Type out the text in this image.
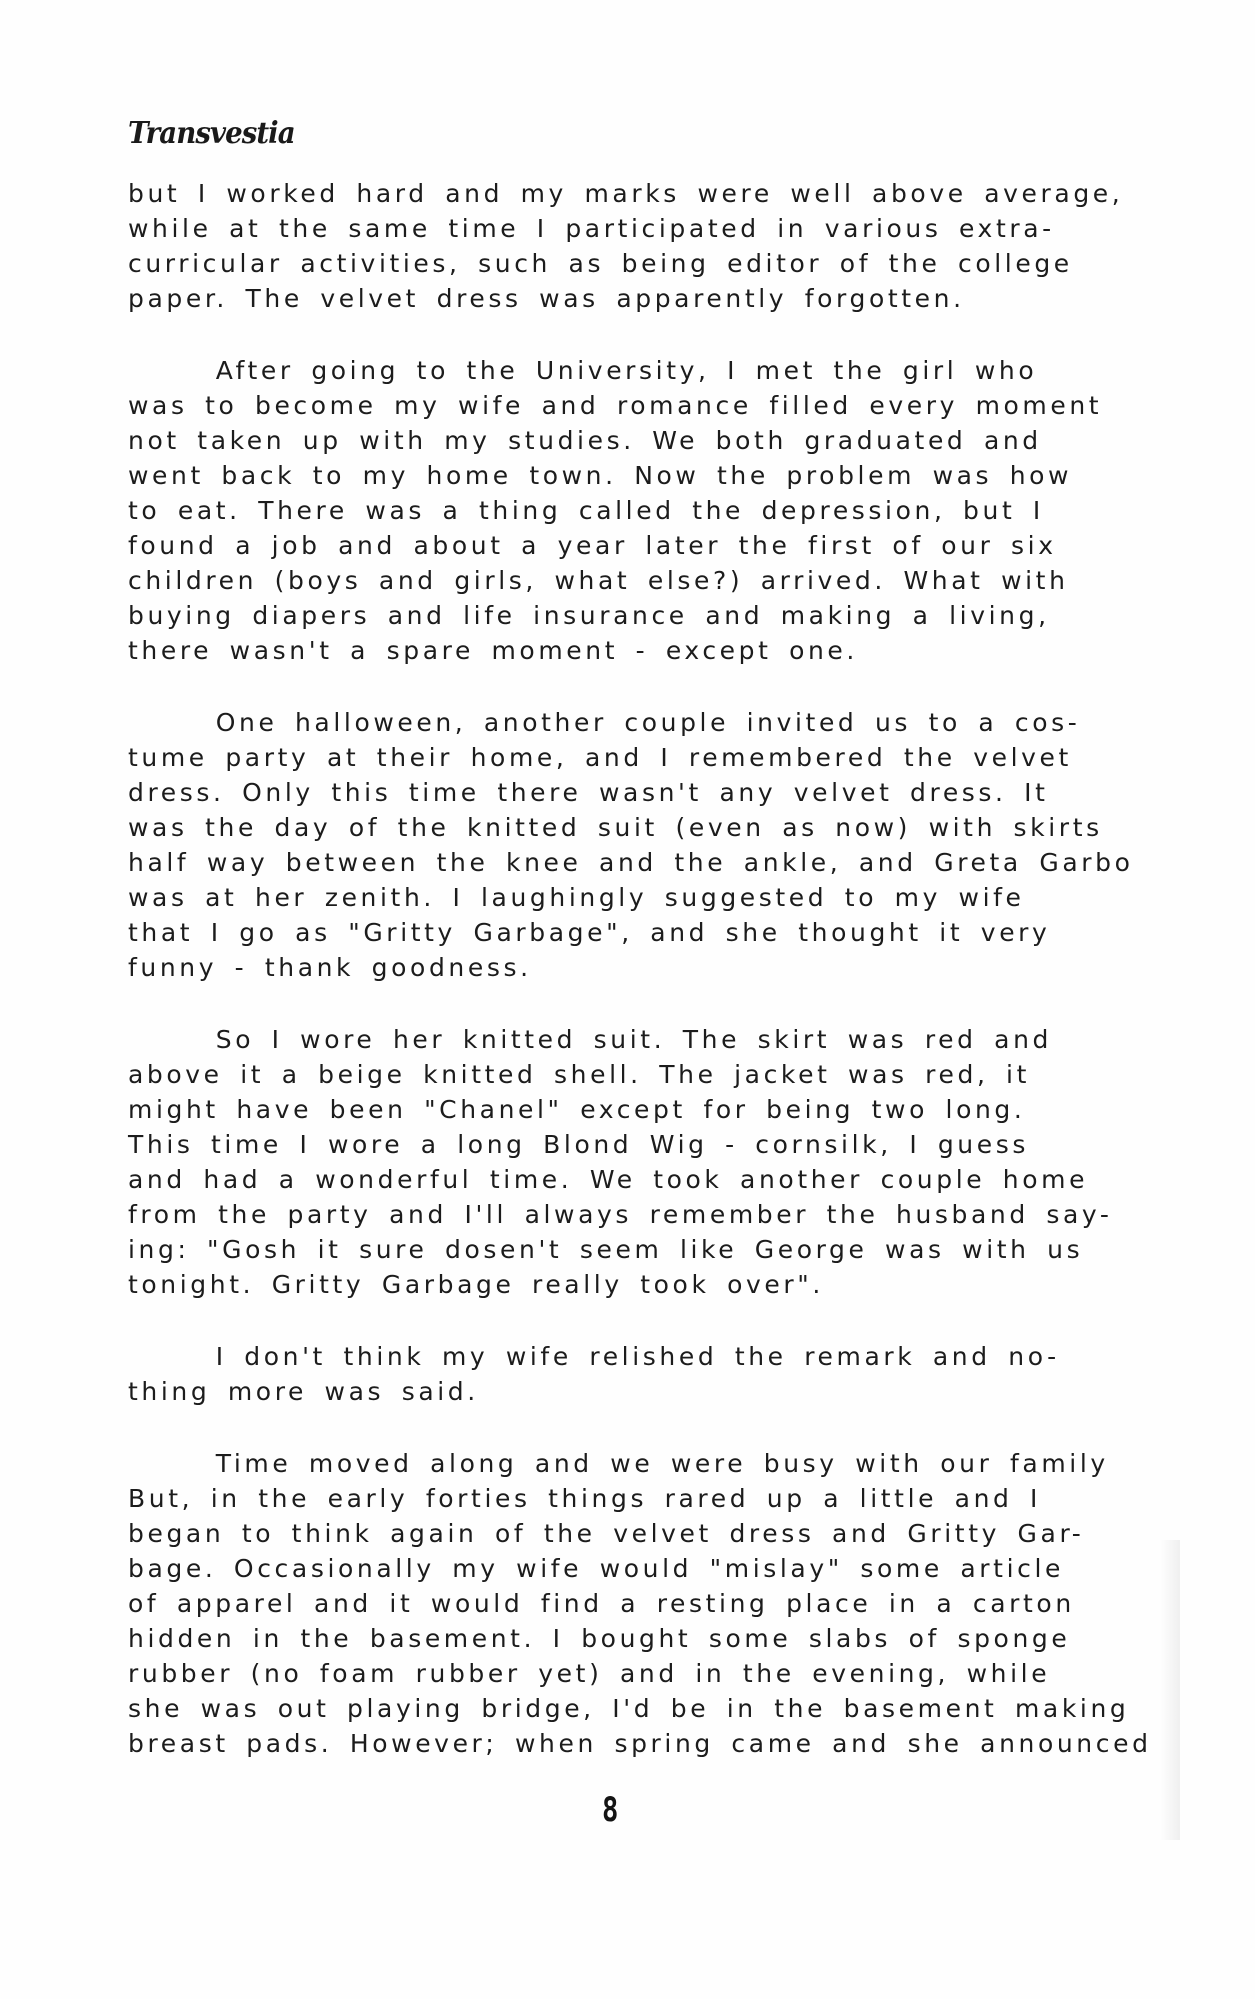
Transvestia
but I worked hard and my marks were well above average,
while at the same time I participated in various extra-
curricular activities, such as being editor of the college
paper. The velvet dress was apparently forgotten.
After going to the University, I met the girl who
was to become my wife and romance filled every moment
not taken up with my studies. We both graduated and
went back to my home town. Now the problem was how
to eat. There was a thing called the depression, but I
found a job and about a year later the first of our six
children (boys and girls, what else?) arrived. What with
buying diapers and life insurance and making a living,
there wasn't a spare moment - except one.
One halloween, another couple invited us to a cos-
tume party at their home, and I remembered the velvet
dress. Only this time there wasn't any velvet dress. It
was the day of the knitted suit (even as now) with skirts
half way between the knee and the ankle, and Greta Garbo
was at her zenith. I laughingly suggested to my wife
that I go as "Gritty Garbage", and she thought it very
funny - thank goodness.
So I wore her knitted suit. The skirt was red and
above it a beige knitted shell. The jacket was red, it
might have been "Chanel" except for being two long.
This time I wore a long Blond Wig - cornsilk, I guess
and had a wonderful time. We took another couple home
from the party and I'll always remember the husband say-
ing: "Gosh it sure dosen't seem like George was with us
tonight. Gritty Garbage really took over".
I don't think my wife relished the remark and no-
thing more was said.
Time moved along and we were busy with our family
But, in the early forties things rared up a little and I
began to think again of the velvet dress and Gritty Gar-
bage. Occasionally my wife would "mislay" some article
of apparel and it would find a resting place in a carton
hidden in the basement. I bought some slabs of sponge
rubber (no foam rubber yet) and in the evening, while
she was out playing bridge, I'd be in the basement making
breast pads. However; when spring came and she announced
8
